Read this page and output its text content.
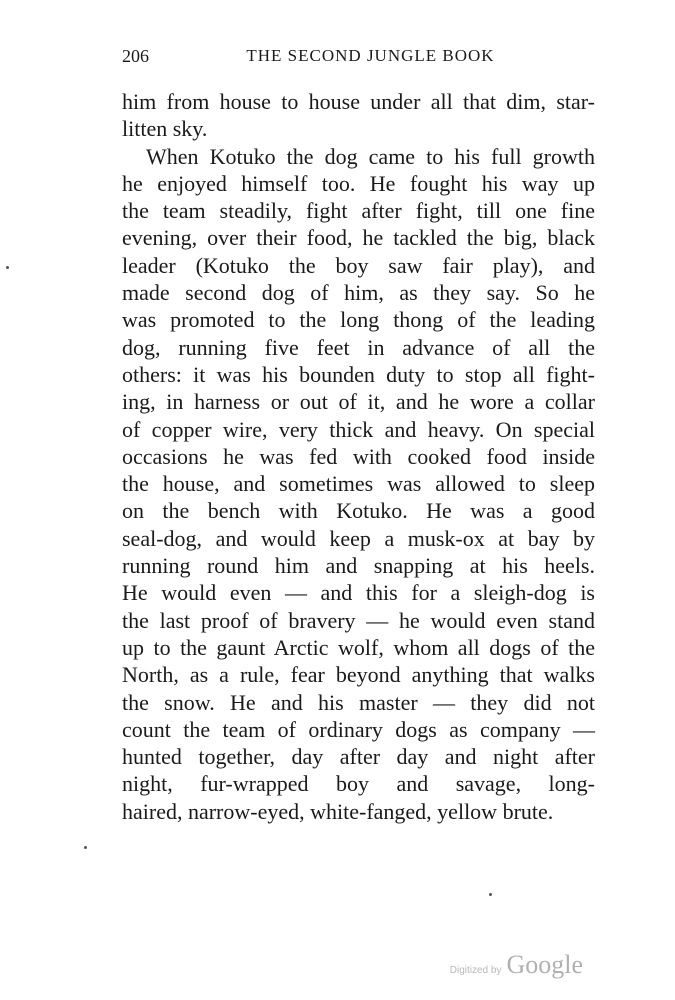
206	THE SECOND JUNGLE BOOK
him from house to house under all that dim, star-
litten sky.
When Kotuko the dog came to his full growth
he enjoyed himself too. He fought his way up
the team steadily, fight after fight, till one fine
evening, over their food, he tackled the big, black
leader (Kotuko the boy saw fair play), and
made second dog of him, as they say. So he
was promoted to the long thong of the leading
dog, running five feet in advance of all the
others: it was his bounden duty to stop all fight-
ing, in harness or out of it, and he wore a collar
of copper wire, very thick and heavy. On special
occasions he was fed with cooked food inside
the house, and sometimes was allowed to sleep
on the bench with Kotuko. He was a good
seal-dog, and would keep a musk-ox at bay by
running round him and snapping at his heels.
He would even — and this for a sleigh-dog is
the last proof of bravery — he would even stand
up to the gaunt Arctic wolf, whom all dogs of the
North, as a rule, fear beyond anything that walks
the snow. He and his master — they did not
count the team of ordinary dogs as company —
hunted together, day after day and night after
night, fur-wrapped boy and savage, long-
haired, narrow-eyed, white-fanged, yellow brute.
Digitized by Google
